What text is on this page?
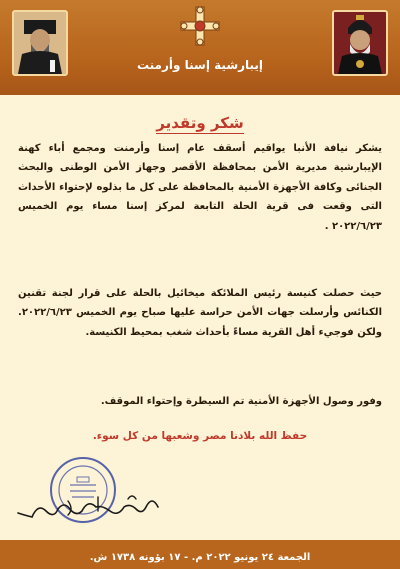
إيبارشية إسنا وأرمنت
شكر وتقدير
يشكر نيافة الأنبا يواقيم أسقف عام إسنا وأرمنت ومجمع أباء كهنة الإيبارشية مديرية الأمن بمحافظة الأقصر وجهاز الأمن الوطنى والبحث الجنائى وكافة الأجهزة الأمنية بالمحافظة على كل ما بذلوه لإحتواء الأحداث التى وقعت فى قرية الحلة التابعة لمركز إسنا مساء يوم الخميس ٢٠٢٢/٦/٢٣ .
حيث حصلت كنيسة رئيس الملائكة ميخائيل بالحلة على قرار لجنة تقنين الكنائس وأرسلت جهات الأمن حراسة عليها صباح يوم الخميس ٢٠٢٢/٦/٢٣. ولكن فوجيء أهل القرية مساءً بأحداث شغب بمحيط الكنيسة.
وفور وصول الأجهزة الأمنية تم السيطرة وإحتواء الموقف.
حفظ الله بلادنا مصر وشعبها من كل سوء.
الجمعة ٢٤ يونيو ٢٠٢٢ م. - ١٧ بؤونه ١٧٣٨ ش.
